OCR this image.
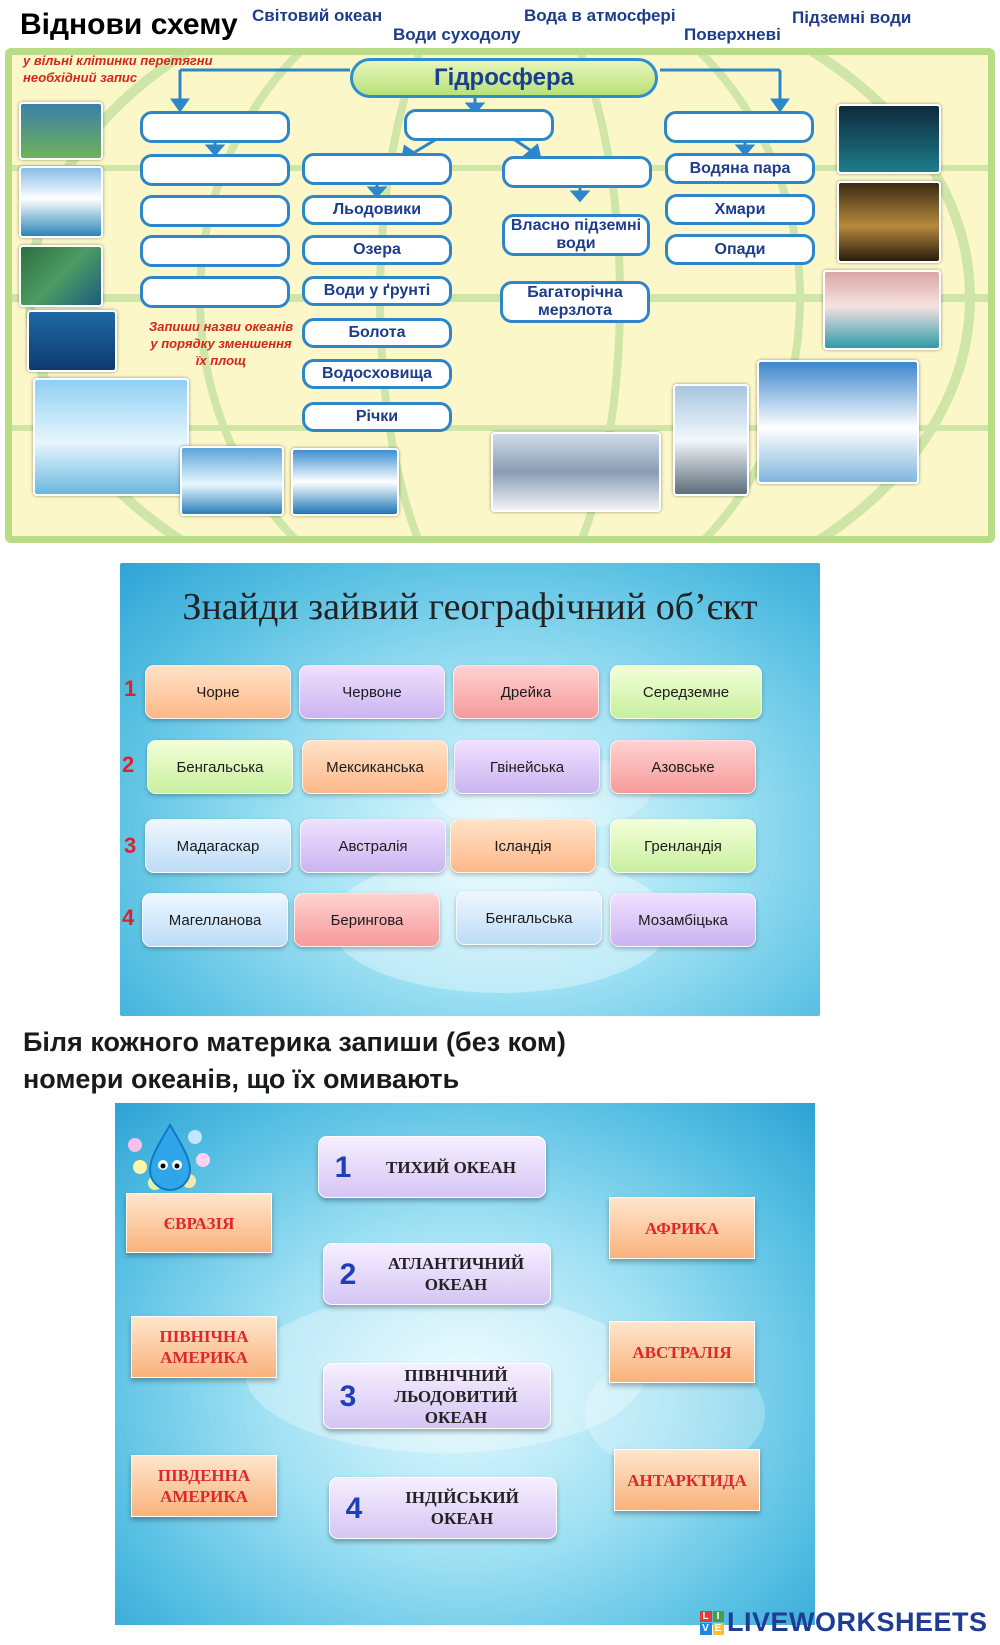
Віднови схему Світовий океан
Води суходолу
Вода в атмосфері
Поверхневі
Підземні води
у вільні клітинки перетягни необхідний запис
Запиши назви океанів у порядку зменшення їх площ
Гідросфера
Льодовики
Озера
Води у ґрунті
Болота
Водосховища
Річки
Власно підземні води
Багаторічна мерзлота
Водяна пара
Хмари
Опади
Знайди зайвий географічний об’єкт
1	Чорне	Червоне	Дрейка	Середземне
2	Бенгальська	Мексиканська	Гвінейська	Азовське
3	Мадагаскар	Австралія	Ісландія	Гренландія
4	Магелланова	Берингова	Бенгальська	Мозамбіцька
Біля кожного материка запиши (без ком)
номери океанів, що їх омивають
1	ТИХИЙ ОКЕАН
2	АТЛАНТИЧНИЙ ОКЕАН
3
ПІВНІЧНИЙ ЛЬОДОВИТИЙ ОКЕАН
4	ІНДІЙСЬКИЙ ОКЕАН
ЄВРАЗІЯ
ПІВНІЧНА АМЕРИКА
ПІВДЕННА АМЕРИКА
АФРИКА
АВСТРАЛІЯ
АНТАРКТИДА
L I
V E LIVEWORKSHEETS
